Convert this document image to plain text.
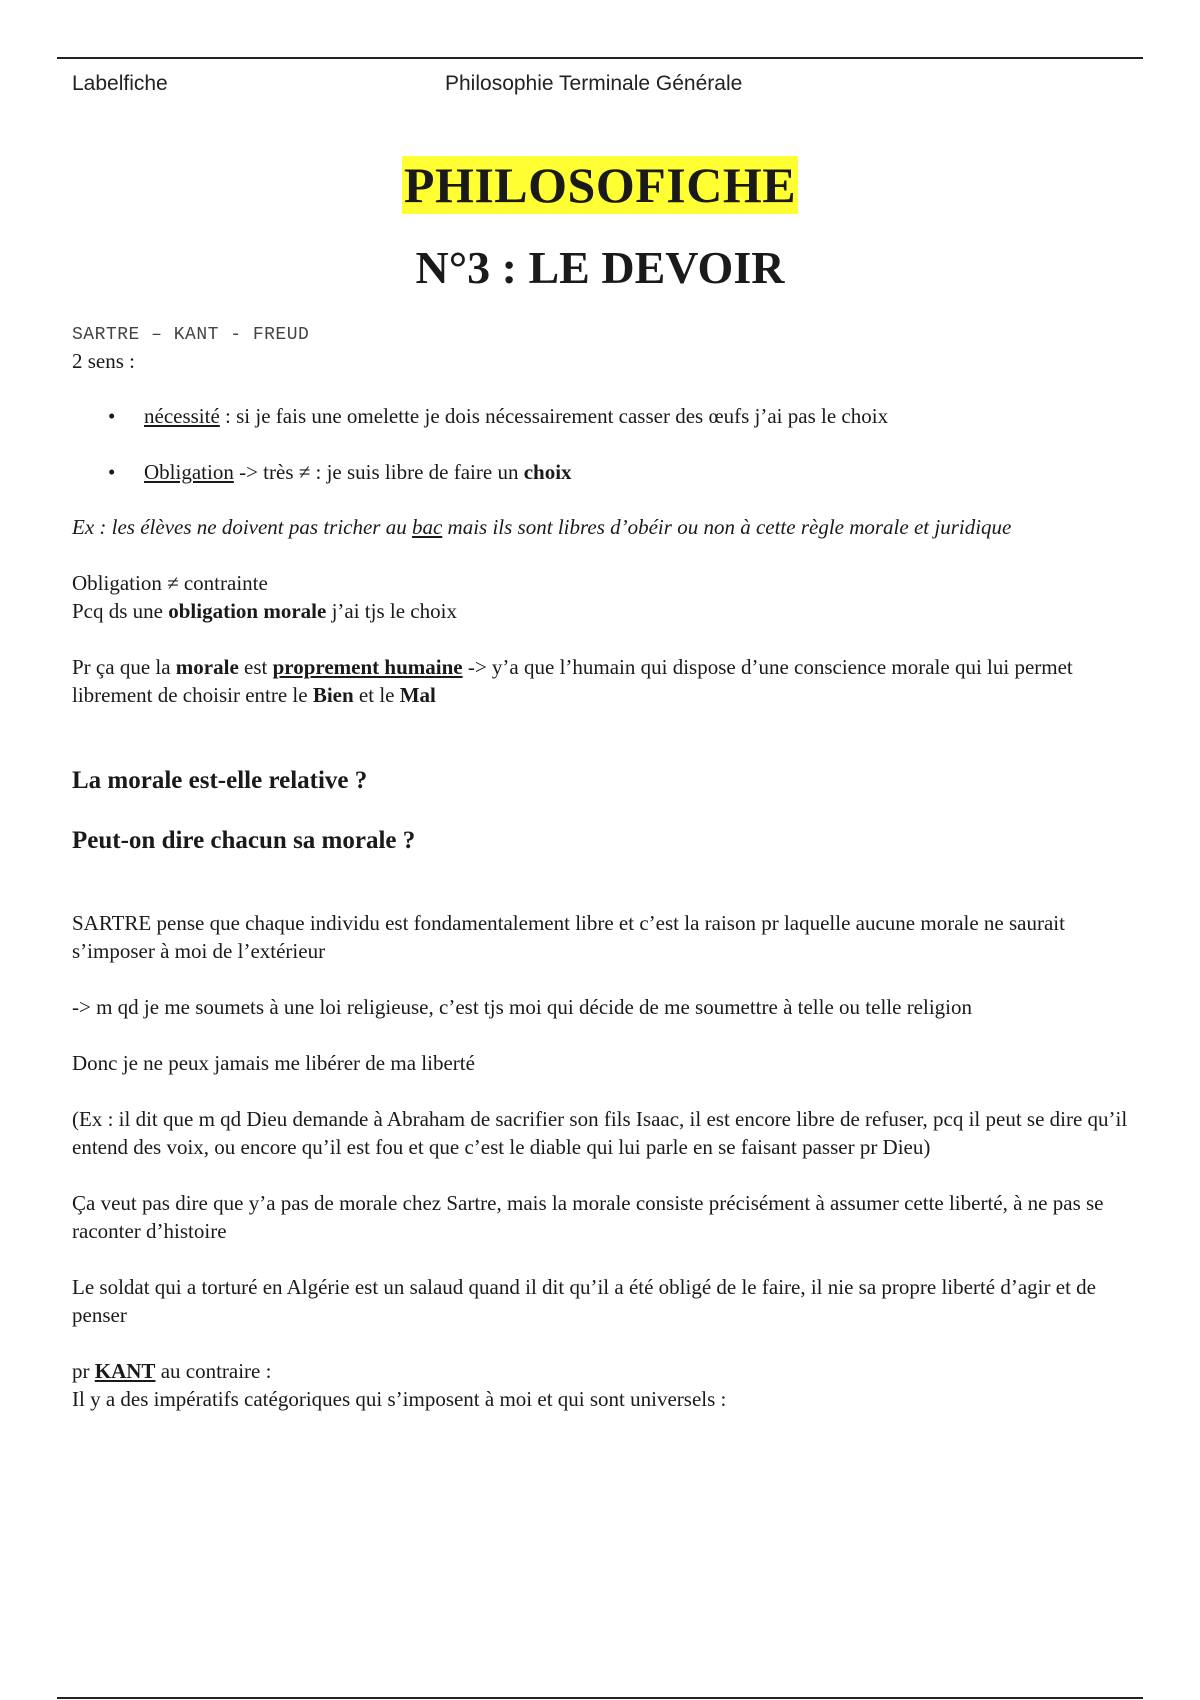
Labelfiche	Philosophie Terminale Générale
PHILOSOFICHE
N°3 : LE DEVOIR

SARTRE – KANT - FREUD

2 sens :

• nécessité : si je fais une omelette je dois nécessairement casser des œufs j’ai pas le choix
• Obligation -> très ≠ : je suis libre de faire un choix

Ex : les élèves ne doivent pas tricher au bac mais ils sont libres d’obéir ou non à cette règle morale et juridique

Obligation ≠ contrainte

Pcq ds une obligation morale j’ai tjs le choix

Pr ça que la morale est proprement humaine -> y’a que l’humain qui dispose d’une conscience morale qui lui permet librement de choisir entre le Bien et le Mal

La morale est-elle relative ?
Peut-on dire chacun sa morale ?

SARTRE pense que chaque individu est fondamentalement libre et c’est la raison pr laquelle aucune morale ne saurait s’imposer à moi de l’extérieur

-> m qd je me soumets à une loi religieuse, c’est tjs moi qui décide de me soumettre à telle ou telle religion

Donc je ne peux jamais me libérer de ma liberté

(Ex : il dit que m qd Dieu demande à Abraham de sacrifier son fils Isaac, il est encore libre de refuser, pcq il peut se dire qu’il entend des voix, ou encore qu’il est fou et que c’est le diable qui lui parle en se faisant passer pr Dieu)

Ça veut pas dire que y’a pas de morale chez Sartre, mais la morale consiste précisément à assumer cette liberté, à ne pas se raconter d’histoire

Le soldat qui a torturé en Algérie est un salaud quand il dit qu’il a été obligé de le faire, il nie sa propre liberté d’agir et de penser

pr KANT au contraire :

Il y a des impératifs catégoriques qui s’imposent à moi et qui sont universels :
